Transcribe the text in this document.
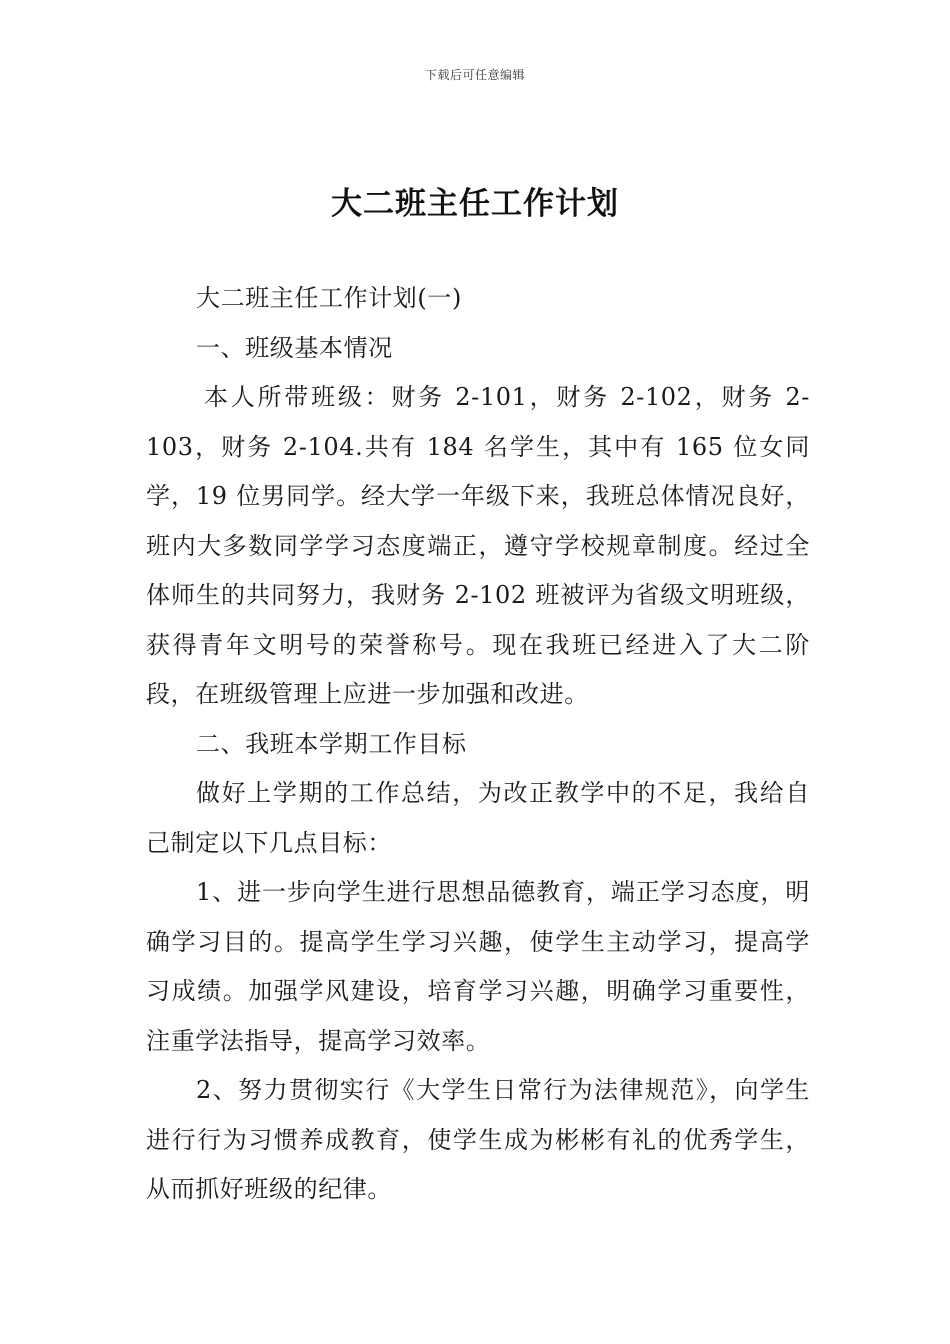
下载后可任意编辑
大二班主任工作计划

大二班主任工作计划(一)

一、班级基本情况

本人所带班级：财务 2-101，财务 2-102，财务 2-103，财务 2-104.共有 184 名学生，其中有 165 位女同学，19 位男同学。经大学一年级下来，我班总体情况良好，班内大多数同学学习态度端正，遵守学校规章制度。经过全体师生的共同努力，我财务 2-102 班被评为省级文明班级，获得青年文明号的荣誉称号。现在我班已经进入了大二阶段，在班级管理上应进一步加强和改进。

二、我班本学期工作目标

做好上学期的工作总结，为改正教学中的不足，我给自己制定以下几点目标：

1、进一步向学生进行思想品德教育，端正学习态度，明确学习目的。提高学生学习兴趣，使学生主动学习，提高学习成绩。加强学风建设，培育学习兴趣，明确学习重要性，注重学法指导，提高学习效率。

2、努力贯彻实行《大学生日常行为法律规范》，向学生进行行为习惯养成教育，使学生成为彬彬有礼的优秀学生，从而抓好班级的纪律。
